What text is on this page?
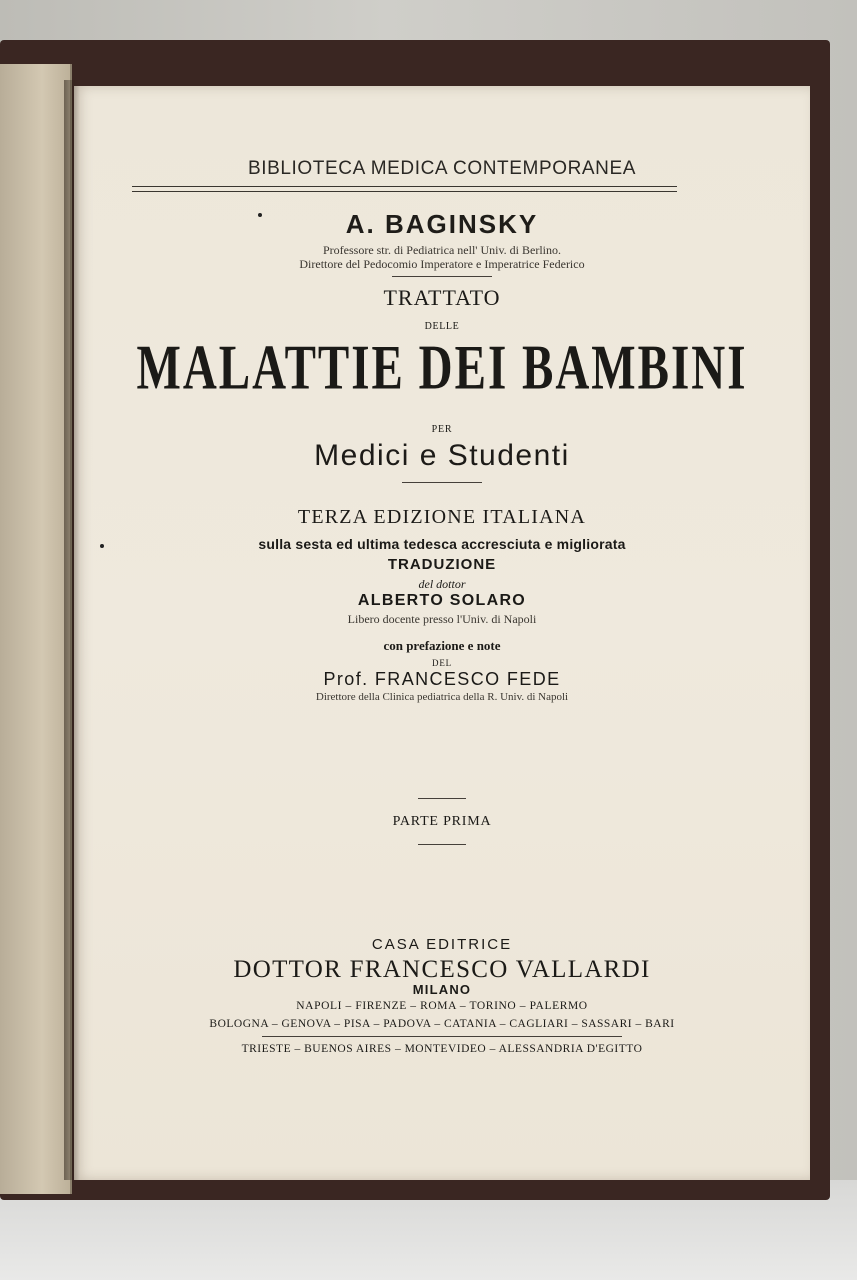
BIBLIOTECA MEDICA CONTEMPORANEA
A. BAGINSKY
Professore str. di Pediatrica nell' Univ. di Berlino.
Direttore del Pedocomio Imperatore e Imperatrice Federico
TRATTATO
DELLE
MALATTIE DEI BAMBINI
PER
Medici e Studenti
TERZA EDIZIONE ITALIANA
sulla sesta ed ultima tedesca accresciuta e migliorata
TRADUZIONE
del dottor
ALBERTO SOLARO
Libero docente presso l'Univ. di Napoli
con prefazione e note
DEL
Prof. FRANCESCO FEDE
Direttore della Clinica pediatrica della R. Univ. di Napoli
PARTE PRIMA
CASA EDITRICE
DOTTOR FRANCESCO VALLARDI
MILANO
NAPOLI – FIRENZE – ROMA – TORINO – PALERMO
BOLOGNA – GENOVA – PISA – PADOVA – CATANIA – CAGLIARI – SASSARI – BARI
TRIESTE – BUENOS AIRES – MONTEVIDEO – ALESSANDRIA D'EGITTO
